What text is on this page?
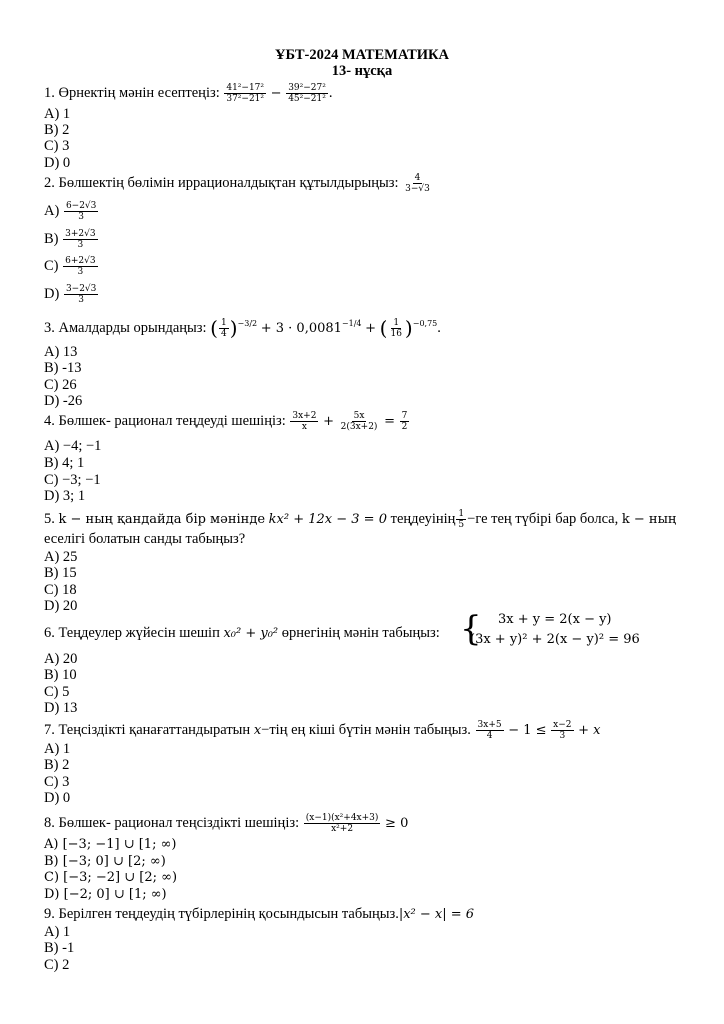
ҰБТ-2024 МАТЕМАТИКА
13- нұсқа
1. Өрнектің мәнін есептеңіз: $\frac{\text{41²−17²}}{\text{37²−21²}} - \frac{\text{39²−27²}}{\text{45²−21²}}$ .
A) 1
B) 2
C) 3
D) 0
2. Бөлшектің бөлімін иррационалдықтан құтылдырыңыз: $\frac{4}{3-√3}$
$A) \frac{6-2√3}{3}$
$B) \frac{3+2√3}{3}$
$C) \frac{6+2√3}{3}$
$D) \frac{3-2√3}{3}$
3. Амалдарды орындаңыз: ( $\frac{1}{4} )^{-3/2} + 3 \cdot 0,0081^{-1/4}$ + ( $\frac{1}{16} )^{-0,75}$.
A) 13
B) -13
C) 26
D) -26
4. Бөлшек- рационал теңдеуді шешіңіз: $\frac{3x+2}{x} + \frac{5x}{2(3x+2)} = \frac{7}{2}$
A) −4; −1
B) 4; 1
C) −3; −1
D) 3; 1
5. k − ның қандайда бір мәнінде kx² + 12x − 3 = 0 теңдеуінің $\frac{1}{5} -ге$ тең түбірі бар болса, k − ның
еселігі болатын санды табыңыз?
A) 25
B) 15
C) 18
D) 20
6. Теңдеулер жүйесін шешіп x₀² + y₀² өрнегінің мәнін табыңыз: { 3x + y = 2(x − y)
(3x + y)² + 2(x − y)² = 96
A) 20
B) 10
C) 5
D) 13
7. Теңсіздікті қанағаттандыратын x−тің ең кіші бүтін мәнін табыңыз. $\frac{3x+5}{4} - 1 \le \frac{x-2}{3} + x$
A) 1
B) 2
C) 3
D) 0
8. Бөлшек- рационал теңсіздікті шешіңіз: $\frac{\text{(x−1)(x²+4x+3)}}{\text{x²+2}} \ge 0$
A) [−3; −1] ∪ [1; ∞)
B) [−3; 0] ∪ [2; ∞)
C) [−3; −2] ∪ [2; ∞)
D) [−2; 0] ∪ [1; ∞)
9. Берілген теңдеудің түбірлерінің қосындысын табыңыз.|x² − x| = 6
A) 1
B) -1
C) 2
